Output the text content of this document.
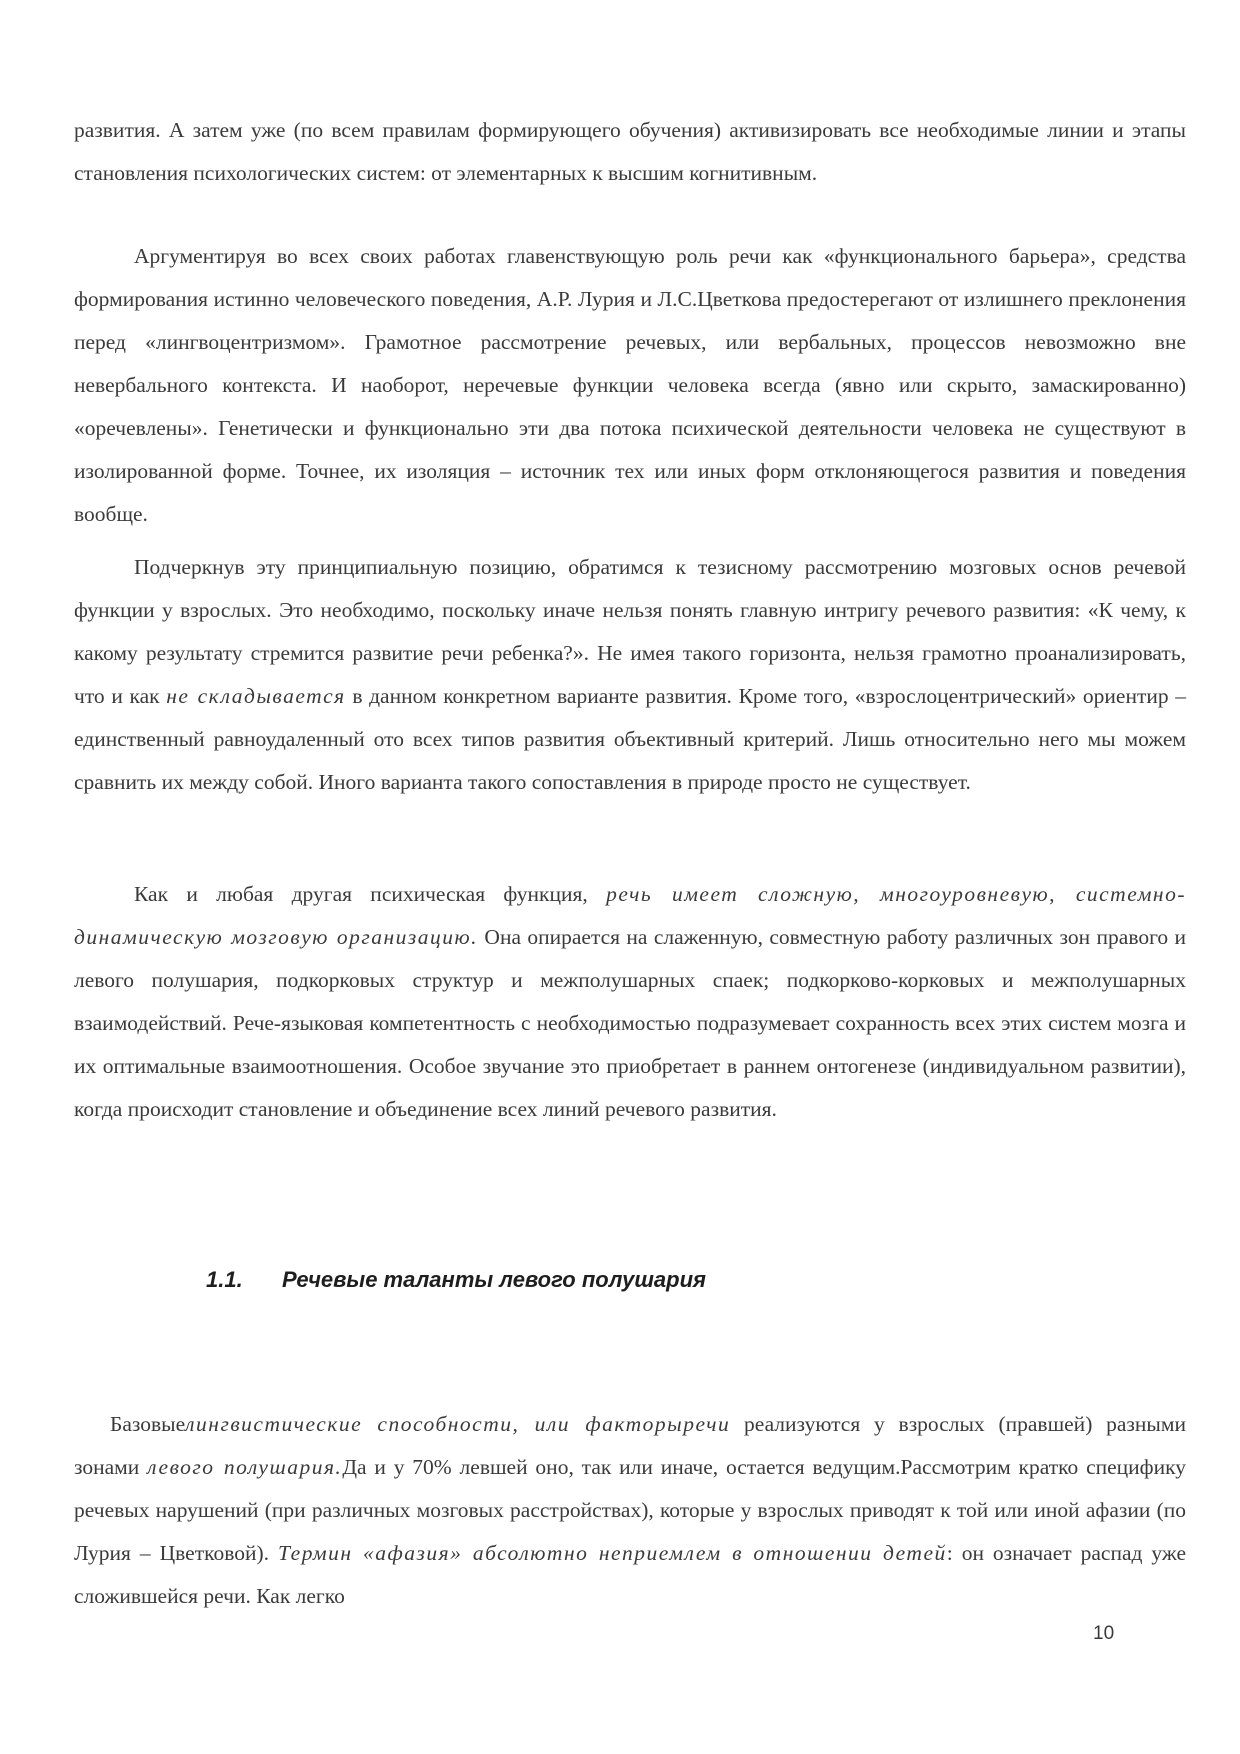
развития. А затем уже (по всем правилам формирующего обучения) активизировать все необходимые линии и этапы становления психологических систем: от элементарных к высшим когнитивным.

Аргументируя во всех своих работах главенствующую роль речи как «функционального барьера», средства формирования истинно человеческого поведения, А.Р. Лурия и Л.С.Цветкова предостерегают от излишнего преклонения перед «лингвоцентризмом». Грамотное рассмотрение речевых, или вербальных, процессов невозможно вне невербального контекста. И наоборот, неречевые функции человека всегда (явно или скрыто, замаскированно) «оречевлены». Генетически и функционально эти два потока психической деятельности человека не существуют в изолированной форме. Точнее, их изоляция – источник тех или иных форм отклоняющегося развития и поведения вообще.

Подчеркнув эту принципиальную позицию, обратимся к тезисному рассмотрению мозговых основ речевой функции у взрослых. Это необходимо, поскольку иначе нельзя понять главную интригу речевого развития: «К чему, к какому результату стремится развитие речи ребенка?». Не имея такого горизонта, нельзя грамотно проанализировать, что и как не складывается в данном конкретном варианте развития. Кроме того, «взрослоцентрический» ориентир – единственный равноудаленный ото всех типов развития объективный критерий. Лишь относительно него мы можем сравнить их между собой. Иного варианта такого сопоставления в природе просто не существует.

Как и любая другая психическая функция, речь имеет сложную, многоуровневую, системно-динамическую мозговую организацию. Она опирается на слаженную, совместную работу различных зон правого и левого полушария, подкорковых структур и межполушарных спаек; подкорково-корковых и межполушарных взаимодействий. Рече-языковая компетентность с необходимостью подразумевает сохранность всех этих систем мозга и их оптимальные взаимоотношения. Особое звучание это приобретает в раннем онтогенезе (индивидуальном развитии), когда происходит становление и объединение всех линий речевого развития.

1.1. Речевые таланты левого полушария

Базовыелингвистические способности, или факторыречи реализуются у взрослых (правшей) разными зонами левого полушария.Да и у 70% левшей оно, так или иначе, остается ведущим.Рассмотрим кратко специфику речевых нарушений (при различных мозговых расстройствах), которые у взрослых приводят к той или иной афазии (по Лурия – Цветковой). Термин «афазия» абсолютно неприемлем в отношении детей: он означает распад уже сложившейся речи. Как легко

10
